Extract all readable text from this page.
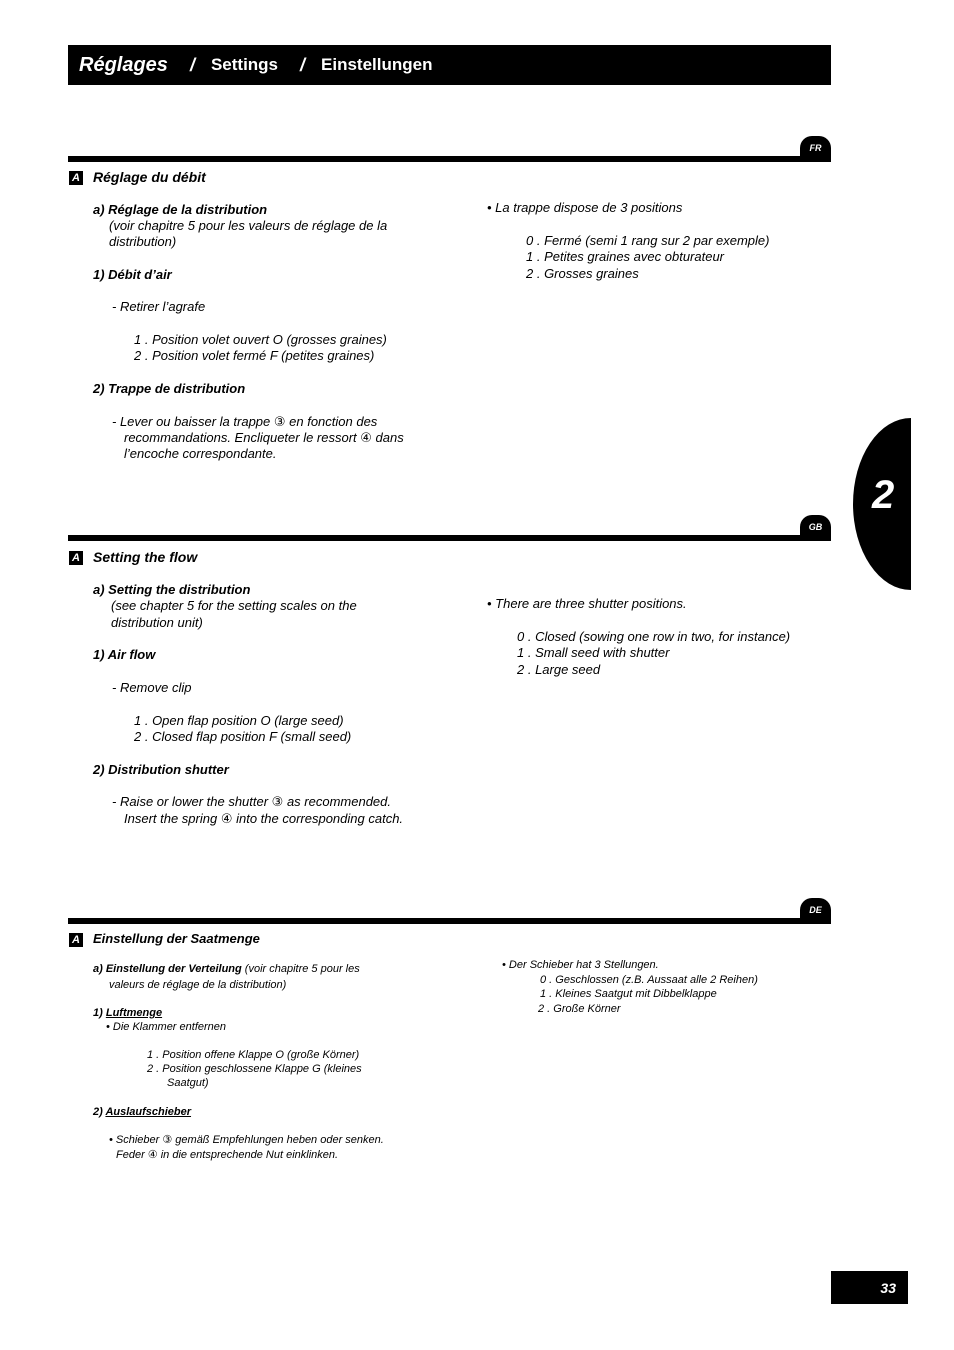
Réglages / Settings / Einstellungen
2
FR
A Réglage du débit
a) Réglage de la distribution
(voir chapitre 5 pour les valeurs de réglage de la
distribution)
1) Débit d’air
- Retirer l’agrafe
1 . Position volet ouvert O (grosses graines)
2 . Position volet fermé F (petites graines)
2) Trappe de distribution
- Lever ou baisser la trappe ③ en fonction des
recommandations. Encliqueter le ressort ④ dans
l’encoche correspondante.
• La trappe dispose de 3 positions
0 . Fermé (semi 1 rang sur 2 par exemple)
1 . Petites graines avec obturateur
2 . Grosses graines
GB
A Setting the flow
a) Setting the distribution
(see chapter 5 for the setting scales on the
distribution unit)
1) Air flow
- Remove clip
1 . Open flap position O (large seed)
2 . Closed flap position F (small seed)
2) Distribution shutter
- Raise or lower the shutter ③ as recommended.
Insert the spring ④ into the corresponding catch.
• There are three shutter positions.
0 . Closed (sowing one row in two, for instance)
1 . Small seed with shutter
2 . Large seed
DE
A Einstellung der Saatmenge
a) Einstellung der Verteilung (voir chapitre 5 pour les
valeurs de réglage de la distribution)
1) Luftmenge
• Die Klammer entfernen
1 . Position offene Klappe O (große Körner)
2 . Position geschlossene Klappe G (kleines
Saatgut)
2) Auslaufschieber
• Schieber ③ gemäß Empfehlungen heben oder senken.
Feder ④ in die entsprechende Nut einklinken.
• Der Schieber hat 3 Stellungen.
0 . Geschlossen (z.B. Aussaat alle 2 Reihen)
1 . Kleines Saatgut mit Dibbelklappe
2 . Große Körner
33
